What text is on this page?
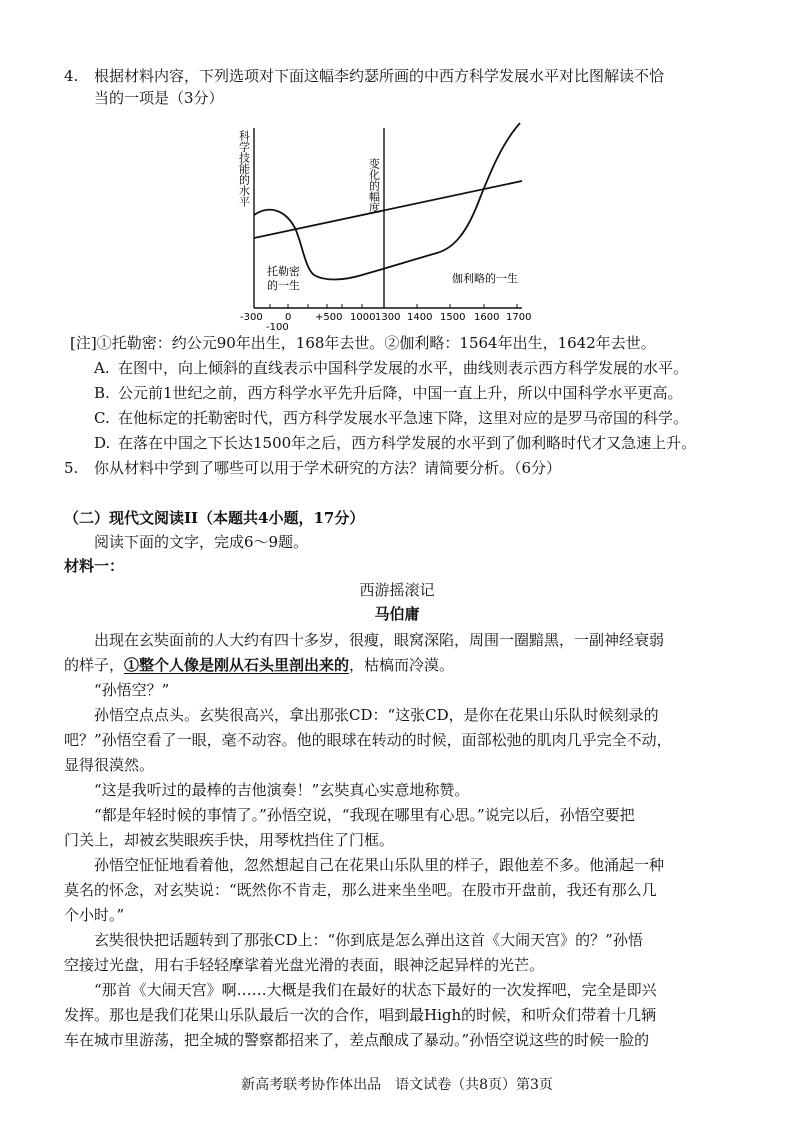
4. 根据材料内容，下列选项对下面这幅李约瑟所画的中西方科学发展水平对比图解读不恰
当的一项是（3分）
科学技能的水平	变化的幅度
托勒密
的一生
伽利略的一生
-300
-100
0 +500 1000 1300 1400 1500 1600 1700
[注]①托勒密：约公元90年出生，168年去世。②伽利略：1564年出生，1642年去世。
A. 在图中，向上倾斜的直线表示中国科学发展的水平，曲线则表示西方科学发展的水平。
B. 公元前1世纪之前，西方科学水平先升后降，中国一直上升，所以中国科学水平更高。
C. 在他标定的托勒密时代，西方科学发展水平急速下降，这里对应的是罗马帝国的科学。
D. 在落在中国之下长达1500年之后，西方科学发展的水平到了伽利略时代才又急速上升。
5. 你从材料中学到了哪些可以用于学术研究的方法？请简要分析。（6分）
（二）现代文阅读II（本题共4小题，17分）
阅读下面的文字，完成6～9题。
材料一：
西游摇滚记
马伯庸
出现在玄奘面前的人大约有四十多岁，很瘦，眼窝深陷，周围一圈黯黑，一副神经衰弱
的样子，①整个人像是刚从石头里剖出来的，枯槁而冷漠。
“孙悟空？”
孙悟空点点头。玄奘很高兴，拿出那张CD：“这张CD，是你在花果山乐队时候刻录的
吧？”孙悟空看了一眼，毫不动容。他的眼球在转动的时候，面部松弛的肌肉几乎完全不动，
显得很漠然。
“这是我听过的最棒的吉他演奏！”玄奘真心实意地称赞。
“都是年轻时候的事情了。”孙悟空说，“我现在哪里有心思。”说完以后，孙悟空要把
门关上，却被玄奘眼疾手快，用琴枕挡住了门框。
孙悟空怔怔地看着他，忽然想起自己在花果山乐队里的样子，跟他差不多。他涌起一种
莫名的怀念，对玄奘说：“既然你不肯走，那么进来坐坐吧。在股市开盘前，我还有那么几
个小时。”
玄奘很快把话题转到了那张CD上：“你到底是怎么弹出这首《大闹天宫》的？”孙悟
空接过光盘，用右手轻轻摩挲着光盘光滑的表面，眼神泛起异样的光芒。
“那首《大闹天宫》啊……大概是我们在最好的状态下最好的一次发挥吧，完全是即兴
发挥。那也是我们花果山乐队最后一次的合作，唱到最High的时候，和听众们带着十几辆
车在城市里游荡，把全城的警察都招来了，差点酿成了暴动。”孙悟空说这些的时候一脸的
新高考联考协作体出品　语文试卷（共8页）第3页
